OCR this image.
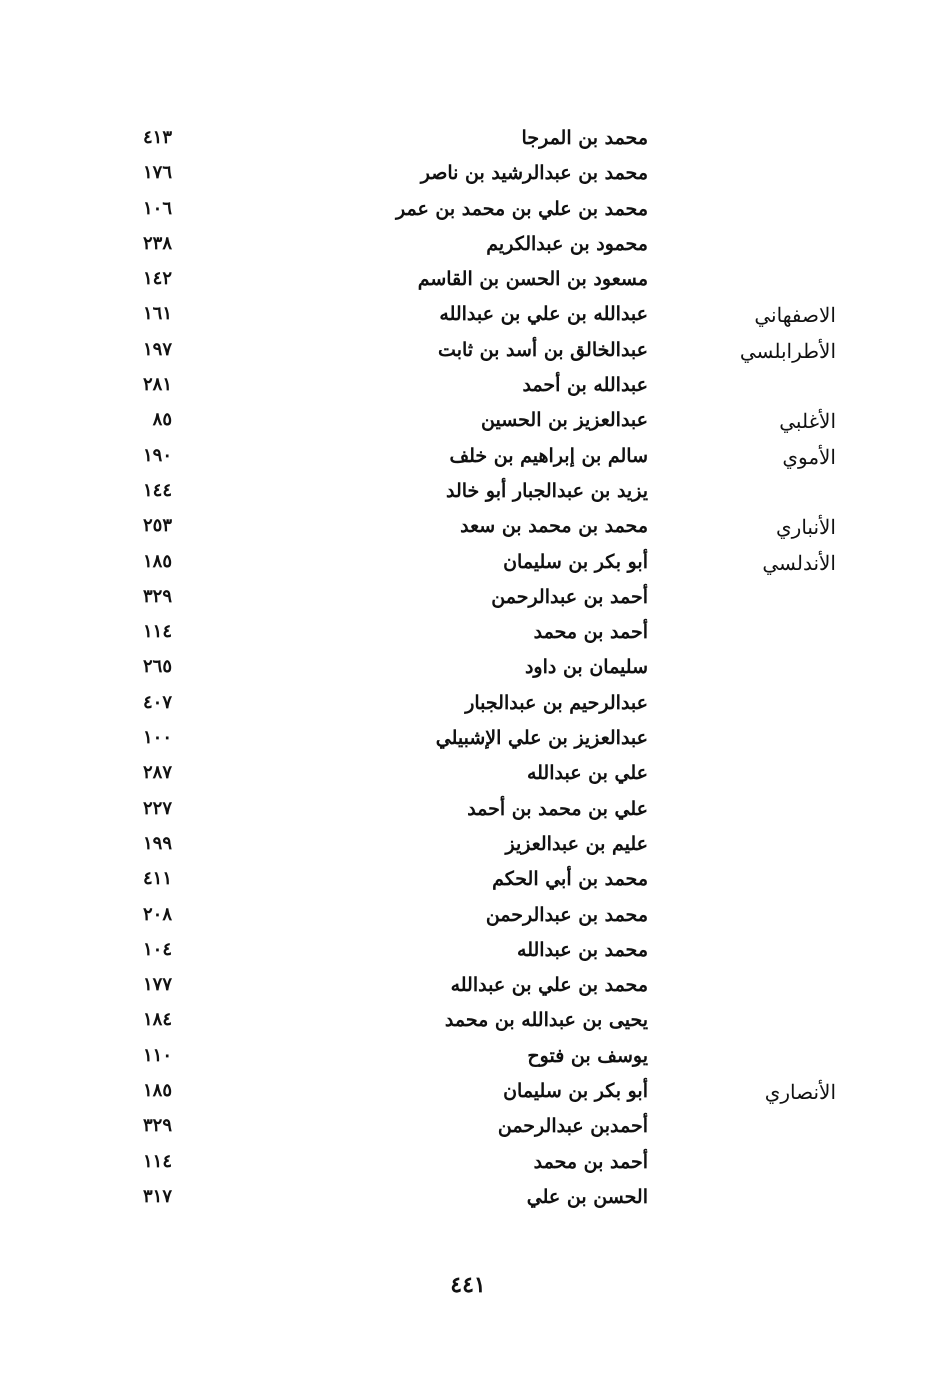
محمد بن المرجا
٤١٣
محمد بن عبدالرشيد بن ناصر
١٧٦
محمد بن علي بن محمد بن عمر
١٠٦
محمود بن عبدالكريم
٢٣٨
مسعود بن الحسن بن القاسم
١٤٢
الاصفهاني
عبدالله بن علي بن عبدالله
١٦١
الأطرابلسي
عبدالخالق بن أسد بن ثابت
١٩٧
عبدالله بن أحمد
٢٨١
الأغلبي
عبدالعزيز بن الحسين
٨٥
الأموي
سالم بن إبراهيم بن خلف
١٩٠
يزيد بن عبدالجبار أبو خالد
١٤٤
الأنباري
محمد بن محمد بن سعد
٢٥٣
الأندلسي
أبو بكر بن سليمان
١٨٥
أحمد بن عبدالرحمن
٣٢٩
أحمد بن محمد
١١٤
سليمان بن داود
٢٦٥
عبدالرحيم بن عبدالجبار
٤٠٧
عبدالعزيز بن علي الإشبيلي
١٠٠
علي بن عبدالله
٢٨٧
علي بن محمد بن أحمد
٢٢٧
عليم بن عبدالعزيز
١٩٩
محمد بن أبي الحكم
٤١١
محمد بن عبدالرحمن
٢٠٨
محمد بن عبدالله
١٠٤
محمد بن علي بن عبدالله
١٧٧
يحيى بن عبدالله بن محمد
١٨٤
يوسف بن فتوح
١١٠
الأنصاري
أبو بكر بن سليمان
١٨٥
أحمدبن عبدالرحمن
٣٢٩
أحمد بن محمد
١١٤
الحسن بن علي
٣١٧
٤٤١
